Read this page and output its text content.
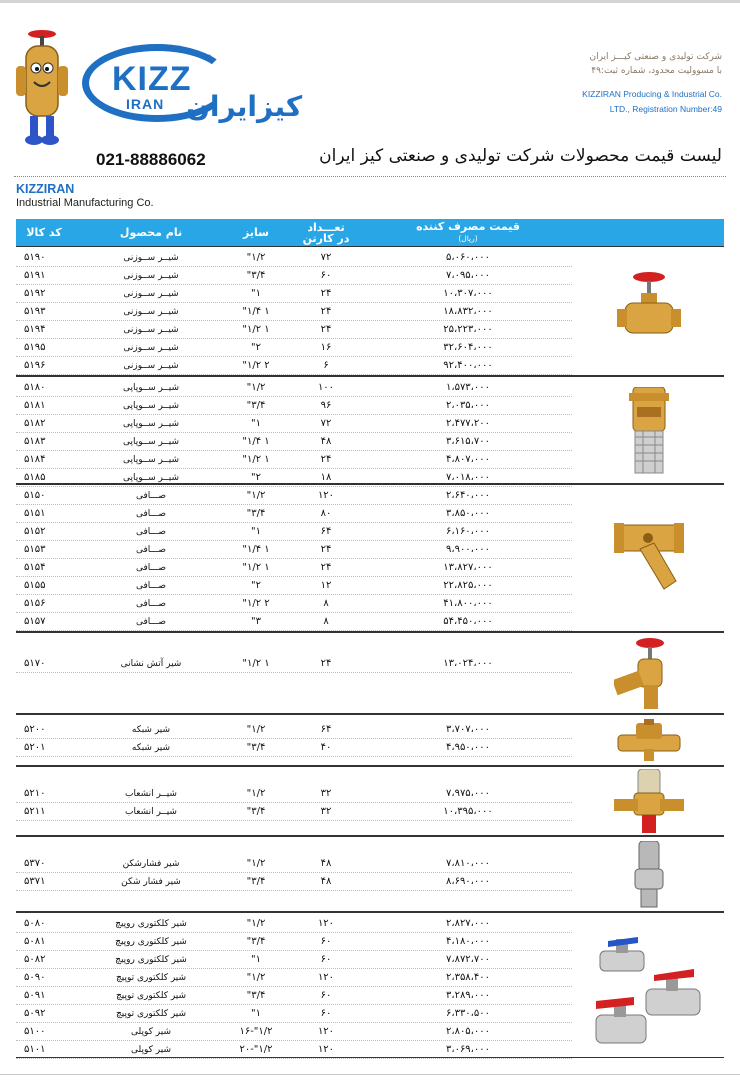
KIZZ
®
IRAN کیزایران
شرکت تولیدی و صنعتی کیـــز ایران
با مسوولیت محدود، شماره ثبت:۴۹
KIZZIRAN Producing & Industrial Co.
LTD., Registration Number:49
021-88886062	لیست قیمت محصولات شرکت تولیدی و صنعتی کیز ایران
KIZZIRAN
Industrial Manufacturing Co.
کد کالا	نام محصول	سایز	تعـــداد
در کارتن
قیمت مصرف کننده
(ریال)
۵۱۹۰	شیــر ســوزنی	۱/۲"	۷۲	۵،۰۶۰،۰۰۰
۵۱۹۱	شیــر ســوزنی	۳/۴"	۶۰	۷،۰۹۵،۰۰۰
۵۱۹۲	شیــر ســوزنی	۱"	۲۴	۱۰،۳۰۷،۰۰۰
۵۱۹۳	شیــر ســوزنی	۱ ۱/۴"	۲۴	۱۸،۸۳۲،۰۰۰
۵۱۹۴	شیــر ســوزنی	۱ ۱/۲"	۲۴	۲۵،۲۲۳،۰۰۰
۵۱۹۵	شیــر ســوزنی	۲"	۱۶	۳۲،۶۰۴،۰۰۰
۵۱۹۶	شیــر ســوزنی	۲ ۱/۲"	۶	۹۲،۴۰۰،۰۰۰
۵۱۸۰	شیــر ســوپاپی	۱/۲"	۱۰۰	۱،۵۷۳،۰۰۰
۵۱۸۱	شیــر ســوپاپی	۳/۴"	۹۶	۲،۰۳۵،۰۰۰
۵۱۸۲	شیــر ســوپاپی	۱"	۷۲	۲،۴۷۷،۲۰۰
۵۱۸۳	شیــر ســوپاپی	۱ ۱/۴"	۴۸	۳،۶۱۵،۷۰۰
۵۱۸۴	شیــر ســوپاپی	۱ ۱/۲"	۲۴	۴،۸۰۷،۰۰۰
۵۱۸۵	شیــر ســوپاپی	۲"	۱۸	۷،۰۱۸،۰۰۰
۵۱۵۰	صـــافی	۱/۲"	۱۲۰	۲،۶۴۰،۰۰۰
۵۱۵۱	صـــافی	۳/۴"	۸۰	۳،۸۵۰،۰۰۰
۵۱۵۲	صـــافی	۱"	۶۴	۶،۱۶۰،۰۰۰
۵۱۵۳	صـــافی	۱ ۱/۴"	۲۴	۹،۹۰۰،۰۰۰
۵۱۵۴	صـــافی	۱ ۱/۲"	۲۴	۱۳،۸۲۷،۰۰۰
۵۱۵۵	صـــافی	۲"	۱۲	۲۲،۸۲۵،۰۰۰
۵۱۵۶	صـــافی	۲ ۱/۲"	۸	۴۱،۸۰۰،۰۰۰
۵۱۵۷	صـــافی	۳"	۸	۵۴،۴۵۰،۰۰۰
۵۱۷۰	شیر آتش نشانی	۱ ۱/۲"	۲۴	۱۳،۰۲۴،۰۰۰
۵۲۰۰	شیر شبکه	۱/۲"	۶۴	۳،۷۰۷،۰۰۰
۵۲۰۱	شیر شبکه	۳/۴"	۴۰	۴،۹۵۰،۰۰۰
۵۲۱۰	شیــر انشعاب	۱/۲"	۳۲	۷،۹۷۵،۰۰۰
۵۲۱۱	شیــر انشعاب	۳/۴"	۳۲	۱۰،۳۹۵،۰۰۰
۵۳۷۰	شیر فشارشکن	۱/۲"	۴۸	۷،۸۱۰،۰۰۰
۵۳۷۱	شیر فشار شکن	۳/۴"	۴۸	۸،۶۹۰،۰۰۰
۵۰۸۰	شیر کلکتوری روپیچ	۱/۲"	۱۲۰	۲،۸۲۷،۰۰۰
۵۰۸۱	شیر کلکتوری روپیچ	۳/۴"	۶۰	۴،۱۸۰،۰۰۰
۵۰۸۲	شیر کلکتوری روپیچ	۱"	۶۰	۷،۸۷۲،۷۰۰
۵۰۹۰	شیر کلکتوری توپیچ	۱/۲"	۱۲۰	۲،۳۵۸،۴۰۰
۵۰۹۱	شیر کلکتوری توپیچ	۳/۴"	۶۰	۳،۲۸۹،۰۰۰
۵۰۹۲	شیر کلکتوری توپیچ	۱"	۶۰	۶،۳۳۰،۵۰۰
۵۱۰۰	شیر کوپلی	۱/۲"-۱۶	۱۲۰	۲،۸۰۵،۰۰۰
۵۱۰۱	شیر کوپلی	۱/۲"-۲۰	۱۲۰	۳،۰۶۹،۰۰۰
